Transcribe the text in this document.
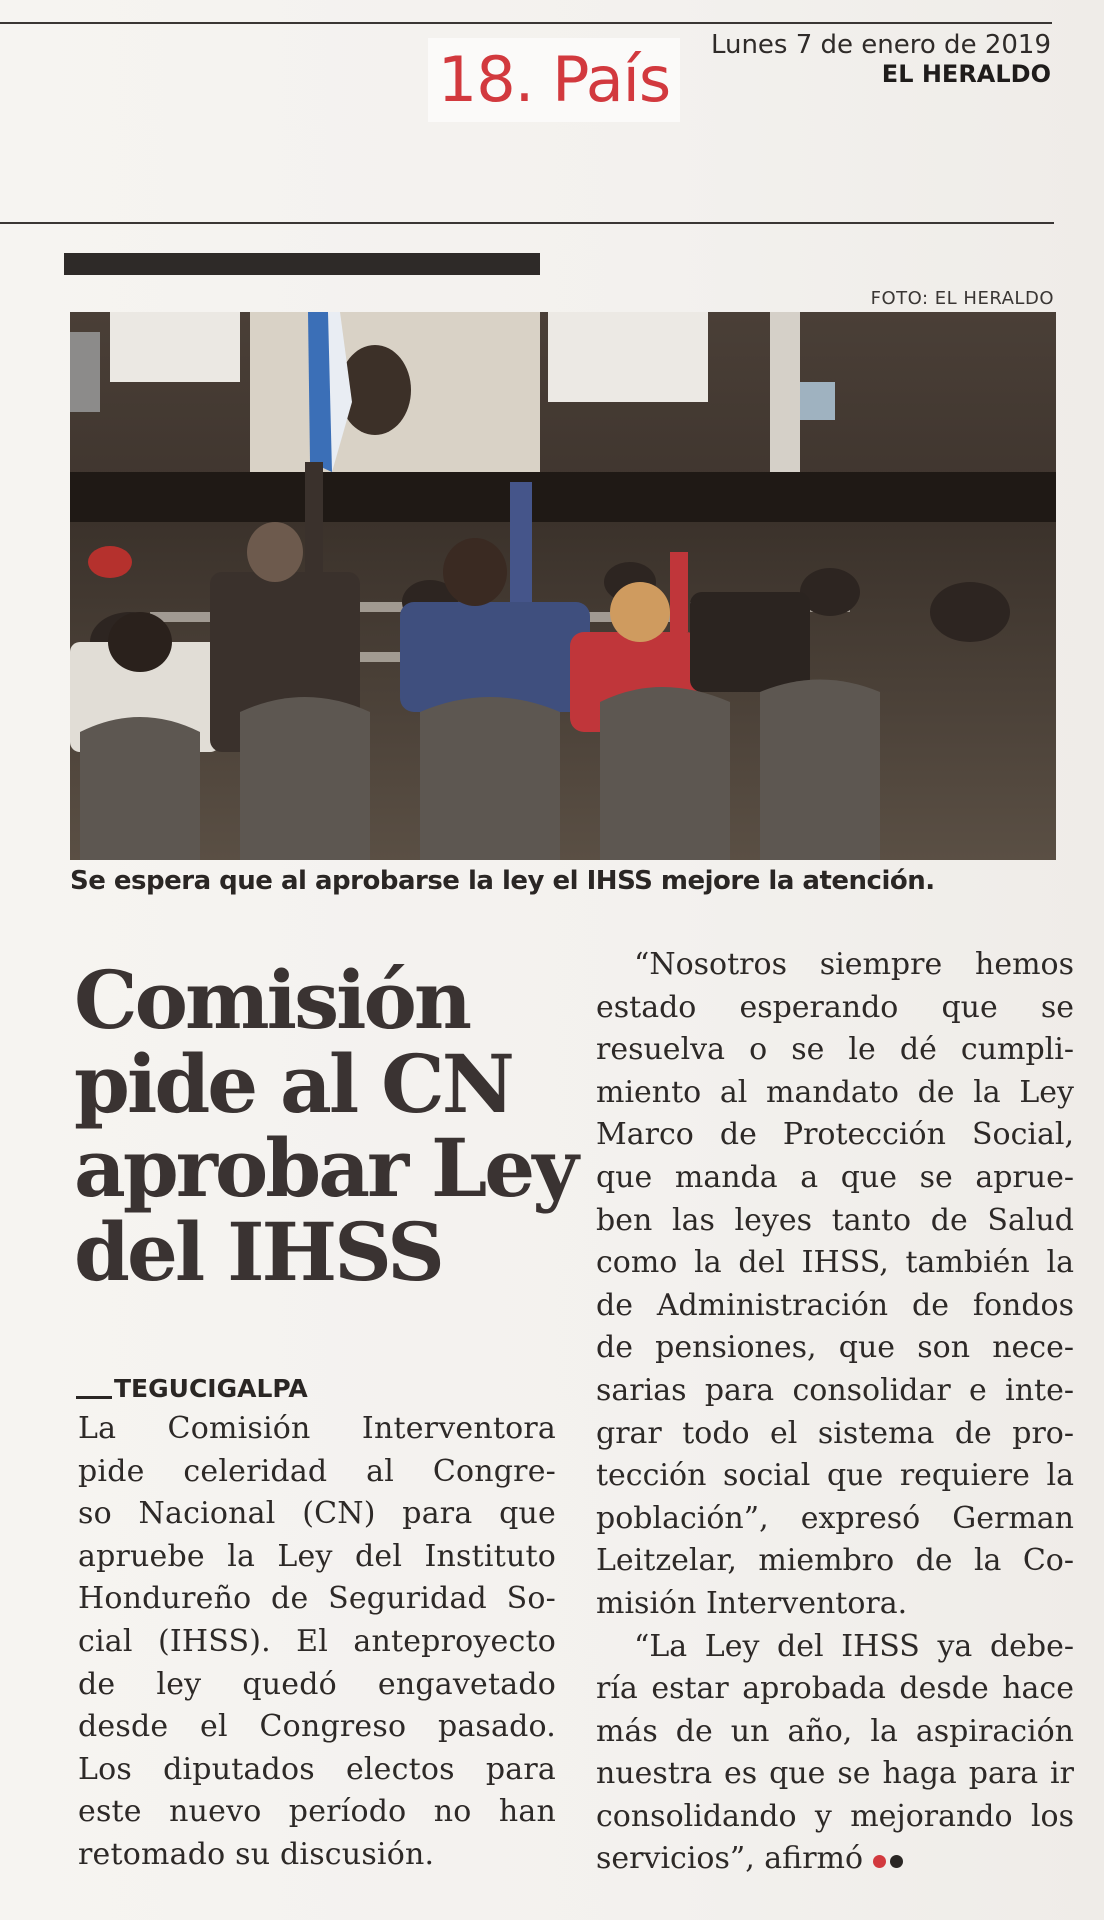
18. País	Lunes 7 de enero de 2019
EL HERALDO
FOTO: EL HERALDO
Se espera que al aprobarse la ley el IHSS mejore la atención.
Comisión
pide al CN
aprobar Ley
del IHSS
TEGUCIGALPA
La Comisión Interventora
pide celeridad al Congre-
so Nacional (CN) para que
apruebe la Ley del Instituto
Hondureño de Seguridad So-
cial (IHSS). El anteproyecto
de ley quedó engavetado
desde el Congreso pasado.
Los diputados electos para
este nuevo período no han
retomado su discusión.
“Nosotros siempre hemos
estado esperando que se
resuelva o se le dé cumpli-
miento al mandato de la Ley
Marco de Protección Social,
que manda a que se aprue-
ben las leyes tanto de Salud
como la del IHSS, también la
de Administración de fondos
de pensiones, que son nece-
sarias para consolidar e inte-
grar todo el sistema de pro-
tección social que requiere la
población”, expresó German
Leitzelar, miembro de la Co-
misión Interventora.
“La Ley del IHSS ya debe-
ría estar aprobada desde hace
más de un año, la aspiración
nuestra es que se haga para ir
consolidando y mejorando los
servicios”, afirmó
